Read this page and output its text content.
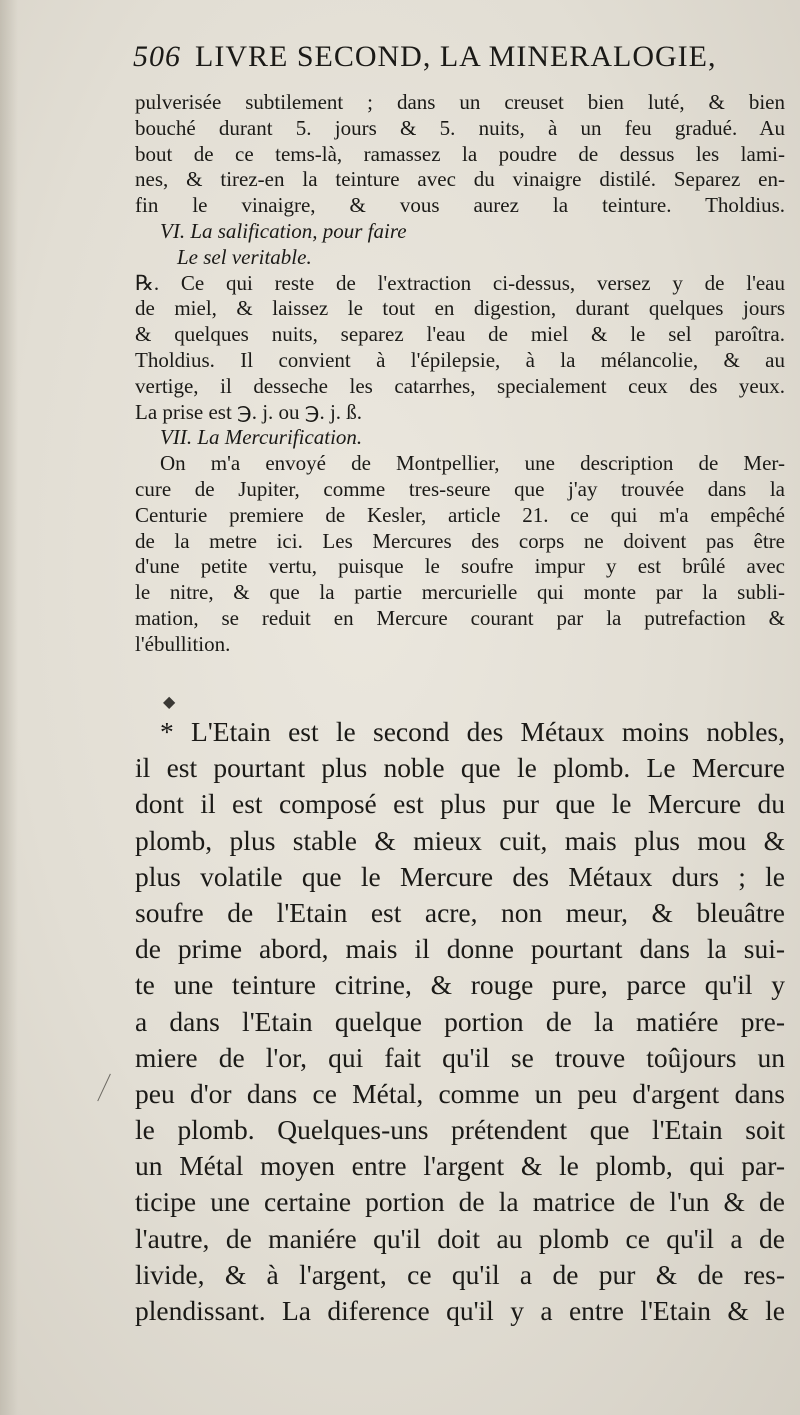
506 LIVRE SECOND, LA MINERALOGIE,
pulverisée subtilement ; dans un creuset bien luté, & bien
bouché durant 5. jours & 5. nuits, à un feu gradué. Au
bout de ce tems-là, ramassez la poudre de dessus les lami-
nes, & tirez-en la teinture avec du vinaigre distilé. Separez en-
fin le vinaigre, & vous aurez la teinture. Tholdius.
VI. La salification, pour faire
Le sel veritable.
℞. Ce qui reste de l'extraction ci-dessus, versez y de l'eau
de miel, & laissez le tout en digestion, durant quelques jours
& quelques nuits, separez l'eau de miel & le sel paroîtra.
Tholdius. Il convient à l'épilepsie, à la mélancolie, & au
vertige, il desseche les catarrhes, specialement ceux des yeux.
La prise est ℈. j. ou ℈. j. ß.
VII. La Mercurification.
On m'a envoyé de Montpellier, une description de Mer-
cure de Jupiter, comme tres-seure que j'ay trouvée dans la
Centurie premiere de Kesler, article 21. ce qui m'a empêché
de la metre ici. Les Mercures des corps ne doivent pas être
d'une petite vertu, puisque le soufre impur y est brûlé avec
le nitre, & que la partie mercurielle qui monte par la subli-
mation, se reduit en Mercure courant par la putrefaction &
l'ébullition.
◆
* L'Etain est le second des Métaux moins nobles,
il est pourtant plus noble que le plomb. Le Mercure
dont il est composé est plus pur que le Mercure du
plomb, plus stable & mieux cuit, mais plus mou &
plus volatile que le Mercure des Métaux durs ; le
soufre de l'Etain est acre, non meur, & bleuâtre
de prime abord, mais il donne pourtant dans la sui-
te une teinture citrine, & rouge pure, parce qu'il y
a dans l'Etain quelque portion de la matiére pre-
miere de l'or, qui fait qu'il se trouve toûjours un
peu d'or dans ce Métal, comme un peu d'argent dans
le plomb. Quelques-uns prétendent que l'Etain soit
un Métal moyen entre l'argent & le plomb, qui par-
ticipe une certaine portion de la matrice de l'un & de
l'autre, de maniére qu'il doit au plomb ce qu'il a de
livide, & à l'argent, ce qu'il a de pur & de res-
plendissant. La diference qu'il y a entre l'Etain & le
